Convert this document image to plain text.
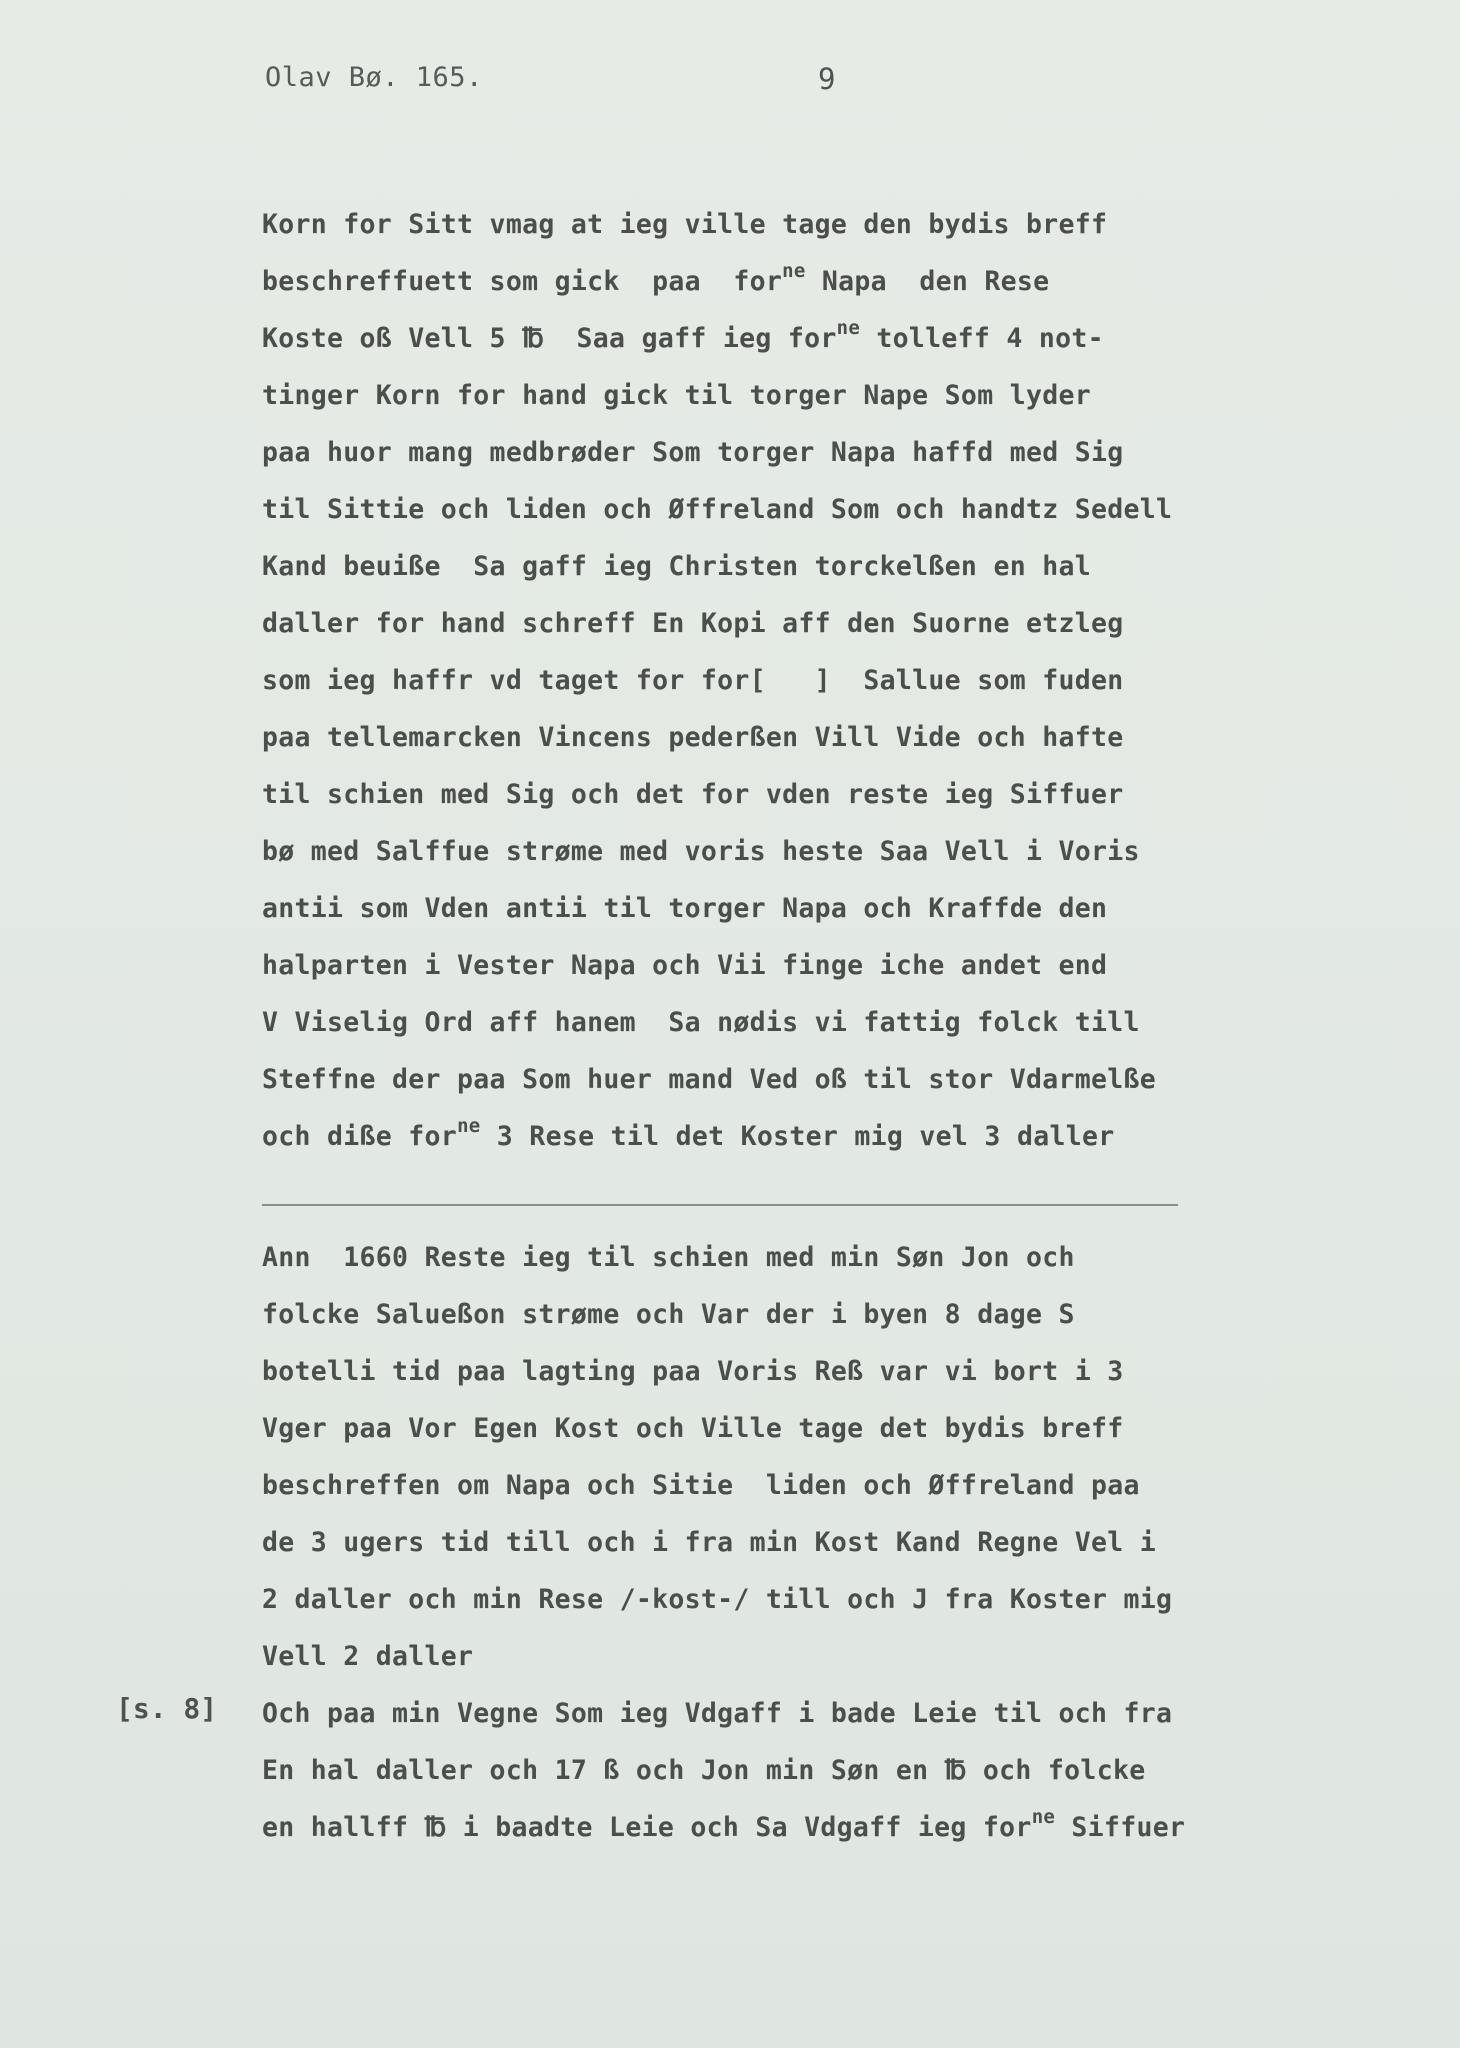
Olav Bø. 165.	9
Korn for Sitt vmag at ieg ville tage den bydis breff
beschreffuett som gick  paa  for$^{ne}$ Napa  den Rese
Koste oß Vell 5 ℔  Saa gaff ieg for$^{ne}$ tolleff 4 not-
tinger Korn for hand gick til torger Nape Som lyder
paa huor mang medbrøder Som torger Napa haffd med Sig
til Sittie och liden och Øffreland Som och handtz Sedell
Kand beuiße  Sa gaff ieg Christen torckelßen en hal
daller for hand schreff En Kopi aff den Suorne etzleg
som ieg haffr vd taget for for[   ]  Sallue som fuden
paa tellemarcken Vincens pederßen Vill Vide och hafte
til schien med Sig och det for vden reste ieg Siffuer
bø med Salffue strøme med voris heste Saa Vell i Voris
antii som Vden antii til torger Napa och Kraffde den
halparten i Vester Napa och Vii finge iche andet end
V Viselig Ord aff hanem  Sa nødis vi fattig folck till
Steffne der paa Som huer mand Ved oß til stor Vdarmelße
och diße for$^{ne}$ 3 Rese til det Koster mig vel 3 daller
Ann  1660 Reste ieg til schien med min Søn Jon och
folcke Salueßon strøme och Var der i byen 8 dage S
botelli tid paa lagting paa Voris Reß var vi bort i 3
Vger paa Vor Egen Kost och Ville tage det bydis breff
beschreffen om Napa och Sitie  liden och Øffreland paa
de 3 ugers tid till och i fra min Kost Kand Regne Vel i
2 daller och min Rese /-kost-/ till och J fra Koster mig
Vell 2 daller
Och paa min Vegne Som ieg Vdgaff i bade Leie til och fra
En hal daller och 17 ß och Jon min Søn en ℔ och folcke
en hallff ℔ i baadte Leie och Sa Vdgaff ieg for$^{ne}$ Siffuer
[s. 8]
